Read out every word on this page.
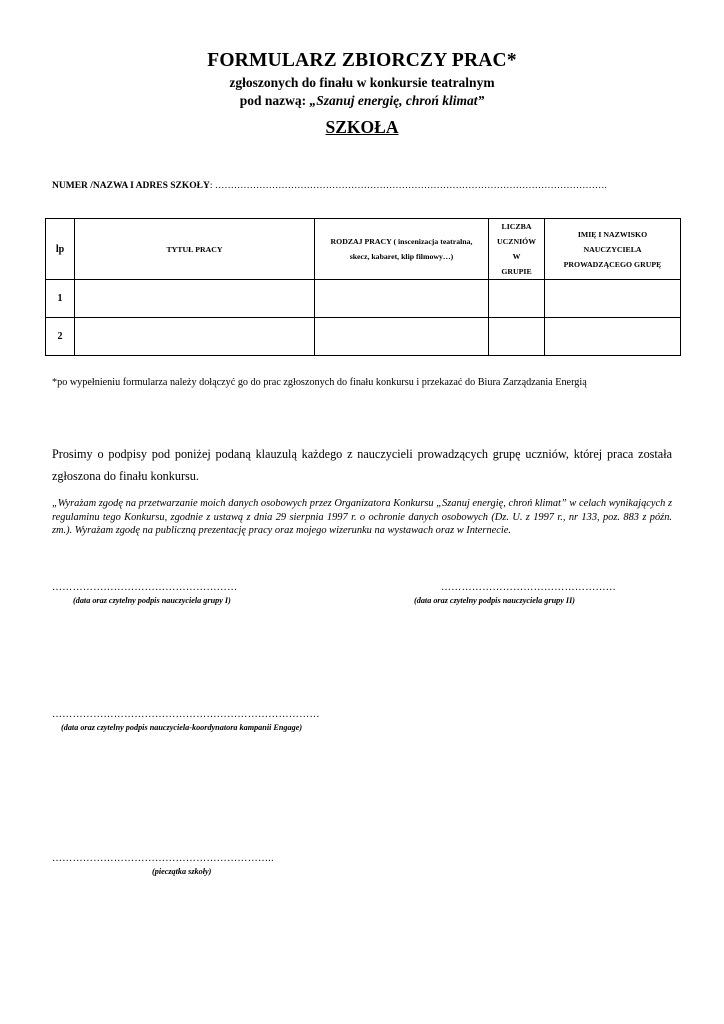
FORMULARZ ZBIORCZY PRAC*
zgłoszonych do finału w konkursie teatralnym
pod nazwą: „Szanuj energię, chroń klimat”
SZKOŁA
NUMER /NAZWA I ADRES SZKOŁY: …………………………………………………………………………………………………………….
lp	TYTUŁ PRACY	RODZAJ PRACY ( inscenizacja teatralna,
skecz, kabaret, klip filmowy…)	LICZBA
UCZNIÓW
W
GRUPIE	IMIĘ I NAZWISKO
NAUCZYCIELA
PROWADZĄCEGO GRUPĘ
1				
2				
*po wypełnieniu formularza należy dołączyć go do prac zgłoszonych do finału konkursu i przekazać do Biura Zarządzania Energią
Prosimy o podpisy pod poniżej podaną klauzulą każdego z nauczycieli prowadzących grupę uczniów, której praca została zgłoszona do finału konkursu.
„Wyrażam zgodę na przetwarzanie moich danych osobowych przez Organizatora Konkursu „Szanuj energię, chroń klimat” w celach wynikających z regulaminu tego Konkursu, zgodnie z ustawą z dnia 29 sierpnia 1997 r. o ochronie danych osobowych (Dz. U. z 1997 r., nr 133, poz. 883 z późn. zm.). Wyrażam zgodę na publiczną prezentację pracy oraz mojego wizerunku na wystawach oraz w Internecie.
………………………………………………
(data oraz czytelny podpis nauczyciela grupy I)
……………………………………………
(data oraz czytelny podpis nauczyciela grupy II)
……………………………………………………………………
(data oraz czytelny podpis nauczyciela-koordynatora kampanii Engage)
………………………………………………………..
(pieczątka szkoły)
